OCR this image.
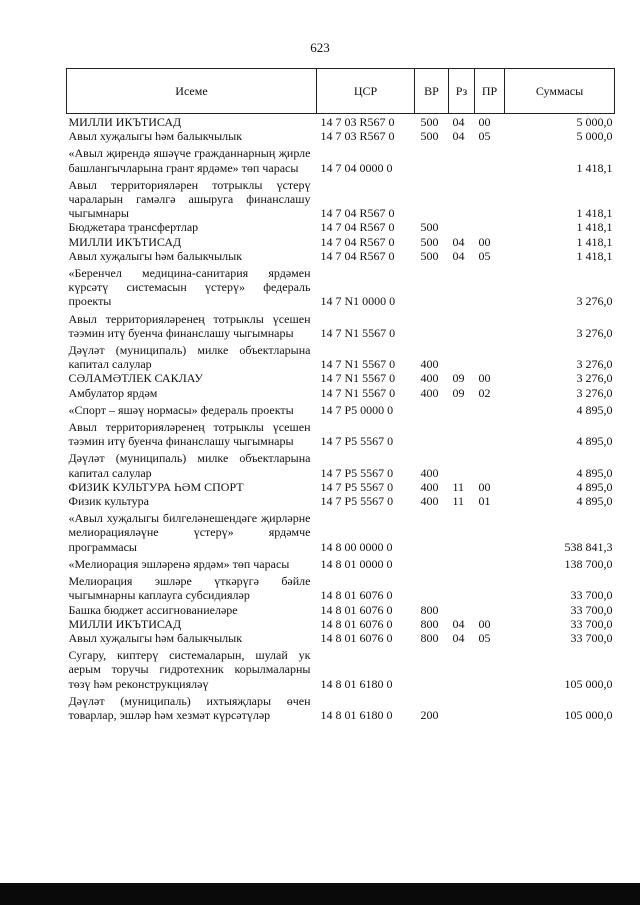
623
Исеме	ЦСР	ВР	Рз	ПР	Суммасы
МИЛЛИ ИКЪТИСАД	14 7 03 R567 0	500	04	00	5 000,0
Авыл хуҗалыгы һәм балыкчылык	14 7 03 R567 0	500	04	05	5 000,0
«Авыл җирендә яшәүче гражданнарның җирле башлангычларына грант ярдәме» төп чарасы	14 7 04 0000 0				1 418,1
Авыл территорияләрен тотрыклы үстерү чараларын гамәлгә ашыруга финанслашу чыгымнары	14 7 04 R567 0				1 418,1
Бюджетара трансфертлар	14 7 04 R567 0	500			1 418,1
МИЛЛИ ИКЪТИСАД	14 7 04 R567 0	500	04	00	1 418,1
Авыл хуҗалыгы һәм балыкчылык	14 7 04 R567 0	500	04	05	1 418,1
«Беренчел медицина-санитария ярдәмен күрсәтү системасын үстерү» федераль проекты	14 7 N1 0000 0				3 276,0
Авыл территорияләренең тотрыклы үсешен тәэмин итү буенча финанслашу чыгымнары	14 7 N1 5567 0				3 276,0
Дәүләт (муниципаль) милке объектларына капитал салулар	14 7 N1 5567 0	400			3 276,0
СӘЛАМӘТЛЕК САКЛАУ	14 7 N1 5567 0	400	09	00	3 276,0
Амбулатор ярдәм	14 7 N1 5567 0	400	09	02	3 276,0
«Спорт – яшәү нормасы» федераль проекты	14 7 P5 0000 0				4 895,0
Авыл территорияләренең тотрыклы үсешен тәэмин итү буенча финанслашу чыгымнары	14 7 P5 5567 0				4 895,0
Дәүләт (муниципаль) милке объектларына капитал салулар	14 7 P5 5567 0	400			4 895,0
ФИЗИК КУЛЬТУРА ҺӘМ СПОРТ	14 7 P5 5567 0	400	11	00	4 895,0
Физик культура	14 7 P5 5567 0	400	11	01	4 895,0
«Авыл хуҗалыгы билгеләнешендәге җирләрне мелиорацияләүне үстерү» ярдәмче программасы	14 8 00 0000 0				538 841,3
«Мелиорация эшләренә ярдәм» төп чарасы	14 8 01 0000 0				138 700,0
Мелиорация эшләре үткәрүгә бәйле чыгымнарны каплауга субсидияләр	14 8 01 6076 0				33 700,0
Башка бюджет ассигнованиеләре	14 8 01 6076 0	800			33 700,0
МИЛЛИ ИКЪТИСАД	14 8 01 6076 0	800	04	00	33 700,0
Авыл хуҗалыгы һәм балыкчылык	14 8 01 6076 0	800	04	05	33 700,0
Сугару, киптерү системаларын, шулай ук аерым торучы гидротехник корылмаларны төзү һәм реконструкцияләү	14 8 01 6180 0				105 000,0
Дәүләт (муниципаль) ихтыяҗлары өчен товарлар, эшләр һәм хезмәт күрсәтүләр	14 8 01 6180 0	200			105 000,0
